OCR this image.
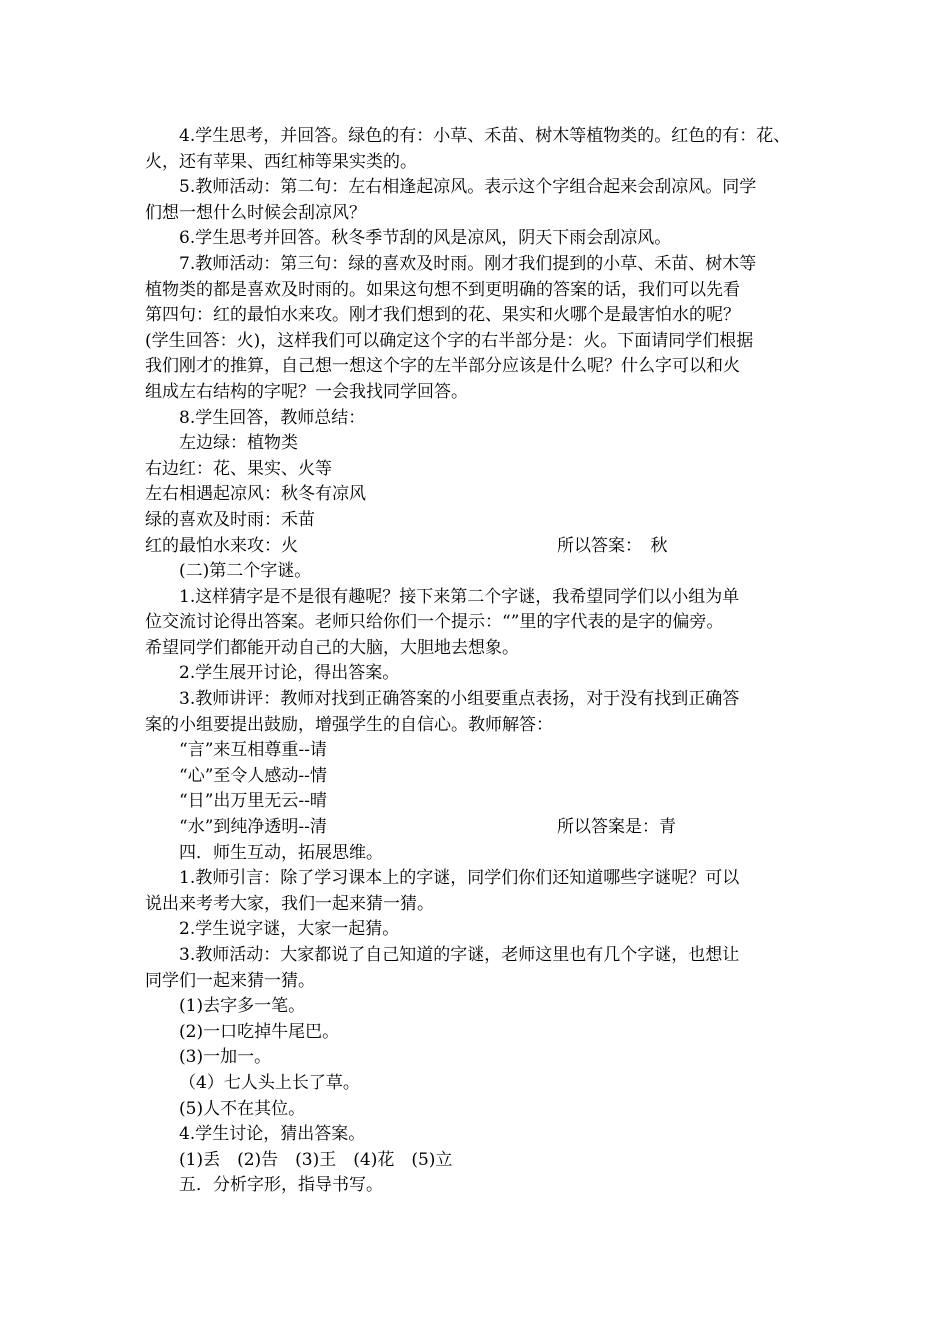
4.学生思考，并回答。绿色的有：小草、禾苗、树木等植物类的。红色的有：花、
火，还有苹果、西红柿等果实类的。
5.教师活动：第二句：左右相逢起凉风。表示这个字组合起来会刮凉风。同学
们想一想什么时候会刮凉风？
6.学生思考并回答。秋冬季节刮的风是凉风，阴天下雨会刮凉风。
7.教师活动：第三句：绿的喜欢及时雨。刚才我们提到的小草、禾苗、树木等
植物类的都是喜欢及时雨的。如果这句想不到更明确的答案的话，我们可以先看
第四句：红的最怕水来攻。刚才我们想到的花、果实和火哪个是最害怕水的呢？
(学生回答：火)，这样我们可以确定这个字的右半部分是：火。下面请同学们根据
我们刚才的推算，自己想一想这个字的左半部分应该是什么呢？什么字可以和火
组成左右结构的字呢？一会我找同学回答。
8.学生回答，教师总结：
左边绿：植物类
右边红：花、果实、火等
左右相遇起凉风：秋冬有凉风
绿的喜欢及时雨：禾苗
红的最怕水来攻：火	所以答案：　秋
(二)第二个字谜。
1.这样猜字是不是很有趣呢？接下来第二个字谜，我希望同学们以小组为单
位交流讨论得出答案。老师只给你们一个提示：“”里的字代表的是字的偏旁。
希望同学们都能开动自己的大脑，大胆地去想象。
2.学生展开讨论，得出答案。
3.教师讲评：教师对找到正确答案的小组要重点表扬，对于没有找到正确答
案的小组要提出鼓励，增强学生的自信心。教师解答：
“言”来互相尊重--请
“心”至令人感动--情
“日”出万里无云--晴
“水”到纯净透明--清	所以答案是：青
四．师生互动，拓展思维。
1.教师引言：除了学习课本上的字谜，同学们你们还知道哪些字谜呢？可以
说出来考考大家，我们一起来猜一猜。
2.学生说字谜，大家一起猜。
3.教师活动：大家都说了自己知道的字谜，老师这里也有几个字谜，也想让
同学们一起来猜一猜。
(1)去字多一笔。
(2)一口吃掉牛尾巴。
(3)一加一。
（4）七人头上长了草。
(5)人不在其位。
4.学生讨论，猜出答案。
(1)丢　(2)告　(3)王　(4)花　(5)立
五．分析字形，指导书写。
